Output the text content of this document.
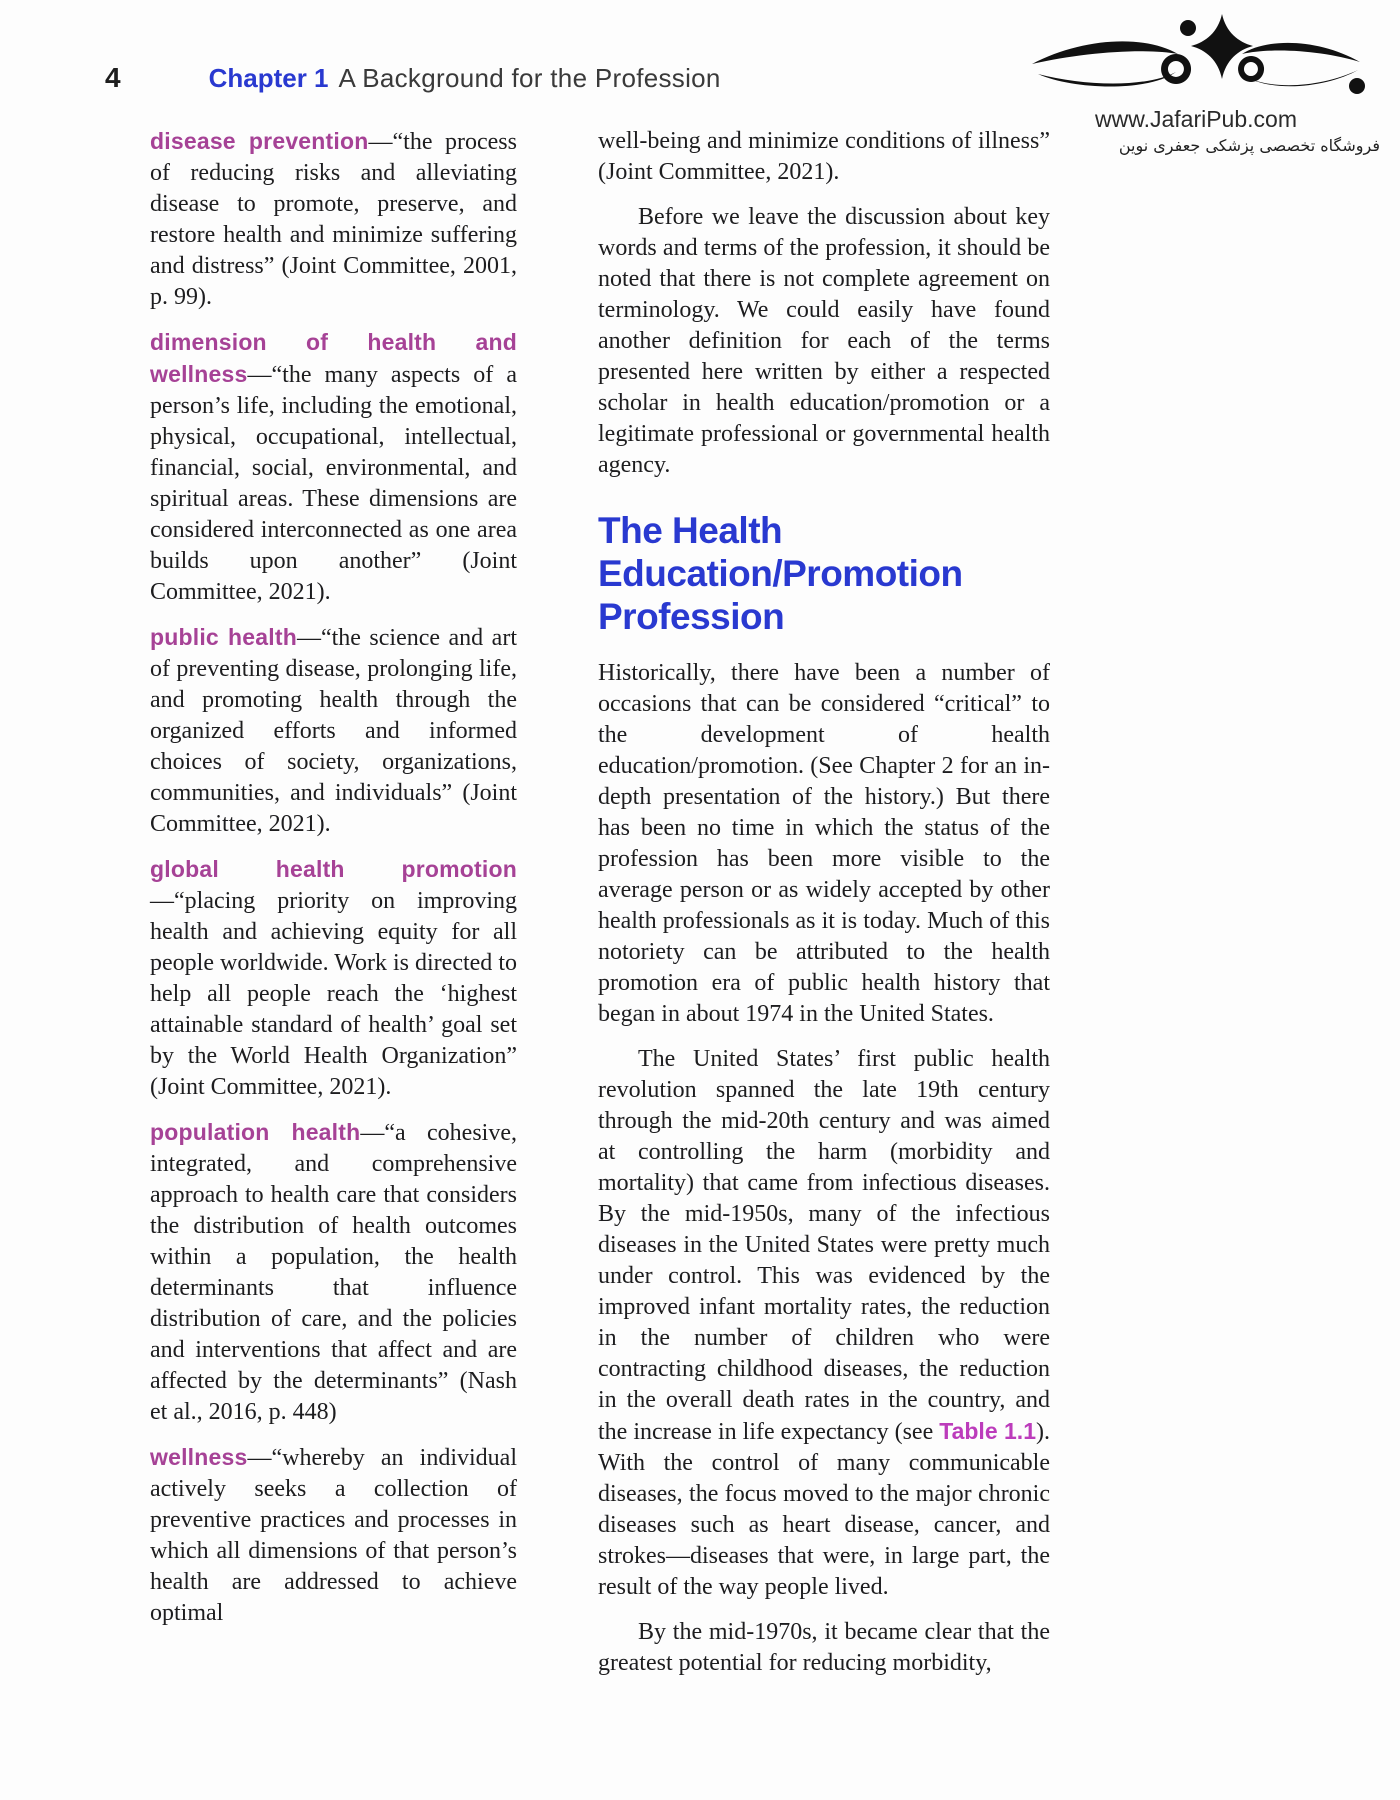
4	Chapter 1 A Background for the Profession
www.JafariPub.com
فروشگاه تخصصی پزشکی جعفری نوین

disease prevention—“the process of reducing risks and alleviating disease to promote, preserve, and restore health and minimize suffering and distress” (Joint Committee, 2001, p. 99).

dimension of health and wellness—“the many aspects of a person’s life, including the emotional, physical, occupational, intellectual, financial, social, environmental, and spiritual areas. These dimensions are considered interconnected as one area builds upon another” (Joint Committee, 2021).

public health—“the science and art of preventing disease, prolonging life, and promoting health through the organized efforts and informed choices of society, organizations, communities, and individuals” (Joint Committee, 2021).

global health promotion—“placing priority on improving health and achieving equity for all people worldwide. Work is directed to help all people reach the ‘highest attainable standard of health’ goal set by the World Health Organization” (Joint Committee, 2021).

population health—“a cohesive, integrated, and comprehensive approach to health care that considers the distribution of health outcomes within a population, the health determinants that influence distribution of care, and the policies and interventions that affect and are affected by the determinants” (Nash et al., 2016, p. 448)

wellness—“whereby an individual actively seeks a collection of preventive practices and processes in which all dimensions of that person’s health are addressed to achieve optimal

well-being and minimize conditions of illness” (Joint Committee, 2021).

Before we leave the discussion about key words and terms of the profession, it should be noted that there is not complete agreement on terminology. We could easily have found another definition for each of the terms presented here written by either a respected scholar in health education/promotion or a legitimate professional or governmental health agency.

The Health Education/Promotion Profession

Historically, there have been a number of occasions that can be considered “critical” to the development of health education/promotion. (See Chapter 2 for an in-depth presentation of the history.) But there has been no time in which the status of the profession has been more visible to the average person or as widely accepted by other health professionals as it is today. Much of this notoriety can be attributed to the health promotion era of public health history that began in about 1974 in the United States.

The United States’ first public health revolution spanned the late 19th century through the mid-20th century and was aimed at controlling the harm (morbidity and mortality) that came from infectious diseases. By the mid-1950s, many of the infectious diseases in the United States were pretty much under control. This was evidenced by the improved infant mortality rates, the reduction in the number of children who were contracting childhood diseases, the reduction in the overall death rates in the country, and the increase in life expectancy (see Table 1.1). With the control of many communicable diseases, the focus moved to the major chronic diseases such as heart disease, cancer, and strokes—diseases that were, in large part, the result of the way people lived.

By the mid-1970s, it became clear that the greatest potential for reducing morbidity,
